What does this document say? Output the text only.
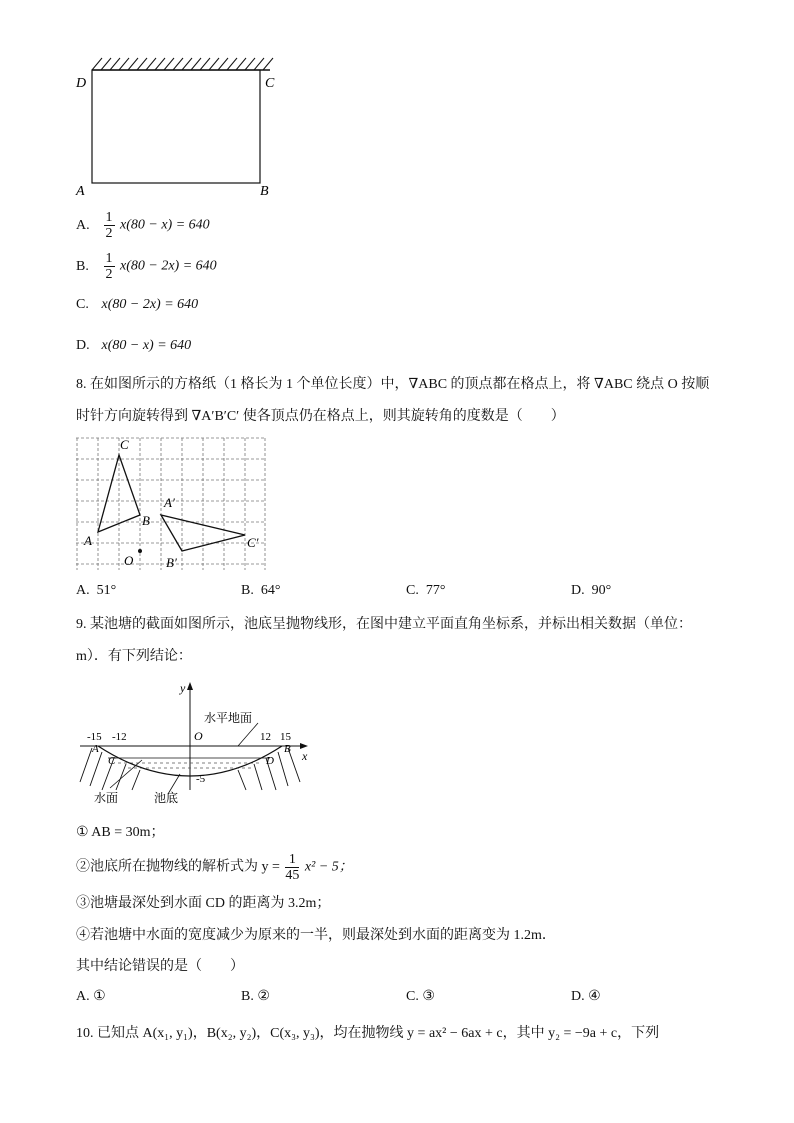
D	C
A	B
A. $\frac{1}{2} x(80 - x) = 640$
B. $\frac{1}{2} x(80 - 2x) = 640$
C. x(80 − 2x) = 640
D. x(80 − x) = 640
8. 在如图所示的方格纸（1 格长为 1 个单位长度）中，∇ABC 的顶点都在格点上，将 ∇ABC 绕点 O 按顺
时针方向旋转得到 ∇A′B′C′ 使各顶点仍在格点上，则其旋转角的度数是（　　）
C
B
A
O
A′
B′
C′
A. 51°	B. 64°	C. 77°	D. 90°
9. 某池塘的截面如图所示，池底呈抛物线形，在图中建立平面直角坐标系，并标出相关数据（单位：
m）．有下列结论：
y
x
O
水平地面
-15 -12	12 15
A	B
C	D
-5
水面	池底
① AB = 30m；
②池底所在抛物线的解析式为 $y = \frac{1}{45} x^2 - 5$；
③池塘最深处到水面 CD 的距离为 3.2m；
④若池塘中水面的宽度减少为原来的一半，则最深处到水面的距离变为 1.2m．
其中结论错误的是（　　）
A. ①	B. ②	C. ③	D. ④
10. 已知点 A(x₁, y₁)，B(x₂, y₂)，C(x₃, y₃)，均在抛物线 y = ax² − 6ax + c，其中 y₂ = −9a + c，下列
